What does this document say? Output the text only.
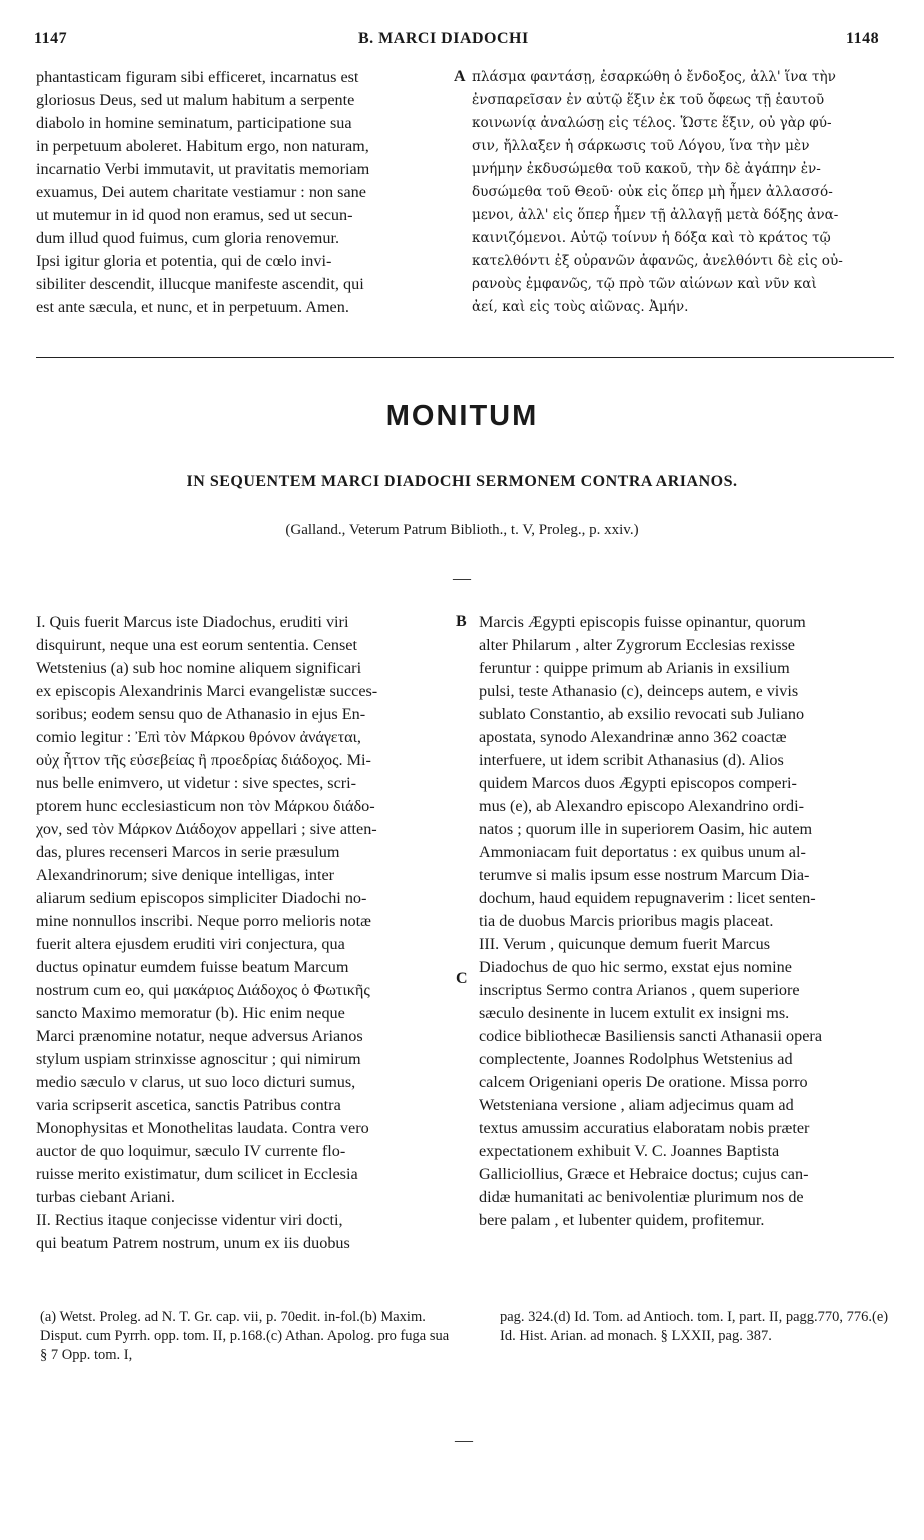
1147	B. MARCI DIADOCHI	1148
phantasticam figuram sibi efficeret, incarnatus est
gloriosus Deus, sed ut malum habitum a serpente
diabolo in homine seminatum, participatione sua
in perpetuum aboleret. Habitum ergo, non naturam,
incarnatio Verbi immutavit, ut pravitatis memoriam
exuamus, Dei autem charitate vestiamur : non sane
ut mutemur in id quod non eramus, sed ut secun-
dum illud quod fuimus, cum gloria renovemur.
Ipsi igitur gloria et potentia, qui de cœlo invi-
sibiliter descendit, illucque manifeste ascendit, qui
est ante sæcula, et nunc, et in perpetuum. Amen.
A πλάσμα φαντάσῃ, ἐσαρκώθη ὁ ἔνδοξος, ἀλλ' ἵνα τὴν
ἐνσπαρεῖσαν ἐν αὐτῷ ἕξιν ἐκ τοῦ ὄφεως τῇ ἑαυτοῦ
κοινωνίᾳ ἀναλώσῃ εἰς τέλος. Ὥστε ἕξιν, οὐ γὰρ φύ-
σιν, ἤλλαξεν ἡ σάρκωσις τοῦ Λόγου, ἵνα τὴν μὲν
μνήμην ἐκδυσώμεθα τοῦ κακοῦ, τὴν δὲ ἀγάπην ἐν-
δυσώμεθα τοῦ Θεοῦ· οὐκ εἰς ὅπερ μὴ ἦμεν ἀλλασσό-
μενοι, ἀλλ' εἰς ὅπερ ἦμεν τῇ ἀλλαγῇ μετὰ δόξης ἀνα-
καινιζόμενοι. Αὐτῷ τοίνυν ἡ δόξα καὶ τὸ κράτος τῷ
κατελθόντι ἐξ οὐρανῶν ἀφανῶς, ἀνελθόντι δὲ εἰς οὐ-
ρανοὺς ἐμφανῶς, τῷ πρὸ τῶν αἰώνων καὶ νῦν καὶ
ἀεί, καὶ εἰς τοὺς αἰῶνας. Ἀμήν.
MONITUM
IN SEQUENTEM MARCI DIADOCHI SERMONEM CONTRA ARIANOS.
(Galland., Veterum Patrum Biblioth., t. V, Proleg., p. xxiv.)
—
I. Quis fuerit Marcus iste Diadochus, eruditi viri
disquirunt, neque una est eorum sententia. Censet
Wetstenius (a) sub hoc nomine aliquem significari
ex episcopis Alexandrinis Marci evangelistæ succes-
soribus; eodem sensu quo de Athanasio in ejus En-
comio legitur : Ἐπὶ τὸν Μάρκου θρόνον ἀνάγεται,
οὐχ ἧττον τῆς εὐσεβείας ἢ προεδρίας διάδοχος. Mi-
nus belle enimvero, ut videtur : sive spectes, scri-
ptorem hunc ecclesiasticum non τὸν Μάρκου διάδο-
χον, sed τὸν Μάρκον Διάδοχον appellari ; sive atten-
das, plures recenseri Marcos in serie præsulum
Alexandrinorum; sive denique intelligas, inter
aliarum sedium episcopos simpliciter Diadochi no-
mine nonnullos inscribi. Neque porro melioris notæ
fuerit altera ejusdem eruditi viri conjectura, qua
ductus opinatur eumdem fuisse beatum Marcum
nostrum cum eo, qui μακάριος Διάδοχος ὁ Φωτικῆς
sancto Maximo memoratur (b). Hic enim neque
Marci prænomine notatur, neque adversus Arianos
stylum uspiam strinxisse agnoscitur ; qui nimirum
medio sæculo v clarus, ut suo loco dicturi sumus,
varia scripserit ascetica, sanctis Patribus contra
Monophysitas et Monothelitas laudata. Contra vero
auctor de quo loquimur, sæculo IV currente flo-
ruisse merito existimatur, dum scilicet in Ecclesia
turbas ciebant Ariani.
II. Rectius itaque conjecisse videntur viri docti,
qui beatum Patrem nostrum, unum ex iis duobus
B
C
Marcis Ægypti episcopis fuisse opinantur, quorum
alter Philarum , alter Zygrorum Ecclesias rexisse
feruntur : quippe primum ab Arianis in exsilium
pulsi, teste Athanasio (c), deinceps autem, e vivis
sublato Constantio, ab exsilio revocati sub Juliano
apostata, synodo Alexandrinæ anno 362 coactæ
interfuere, ut idem scribit Athanasius (d). Alios
quidem Marcos duos Ægypti episcopos comperi-
mus (e), ab Alexandro episcopo Alexandrino ordi-
natos ; quorum ille in superiorem Oasim, hic autem
Ammoniacam fuit deportatus : ex quibus unum al-
terumve si malis ipsum esse nostrum Marcum Dia-
dochum, haud equidem repugnaverim : licet senten-
tia de duobus Marcis prioribus magis placeat.
III. Verum , quicunque demum fuerit Marcus
Diadochus de quo hic sermo, exstat ejus nomine
inscriptus Sermo contra Arianos , quem superiore
sæculo desinente in lucem extulit ex insigni ms.
codice bibliothecæ Basiliensis sancti Athanasii opera
complectente, Joannes Rodolphus Wetstenius ad
calcem Origeniani operis De oratione. Missa porro
Wetsteniana versione , aliam adjecimus quam ad
textus amussim accuratius elaboratam nobis præter
expectationem exhibuit V. C. Joannes Baptista
Galliciollius, Græce et Hebraice doctus; cujus can-
didæ humanitati ac benivolentiæ plurimum nos de
bere palam , et lubenter quidem, profitemur.
(a) Wetst. Proleg. ad N. T. Gr. cap. vii, p. 70edit. in-fol.(b) Maxim. Disput. cum Pyrrh. opp. tom. II, p.168.(c) Athan. Apolog. pro fuga sua § 7 Opp. tom. I,
pag. 324.(d) Id. Tom. ad Antioch. tom. I, part. II, pagg.770, 776.(e) Id. Hist. Arian. ad monach. § LXXII, pag. 387.
—
